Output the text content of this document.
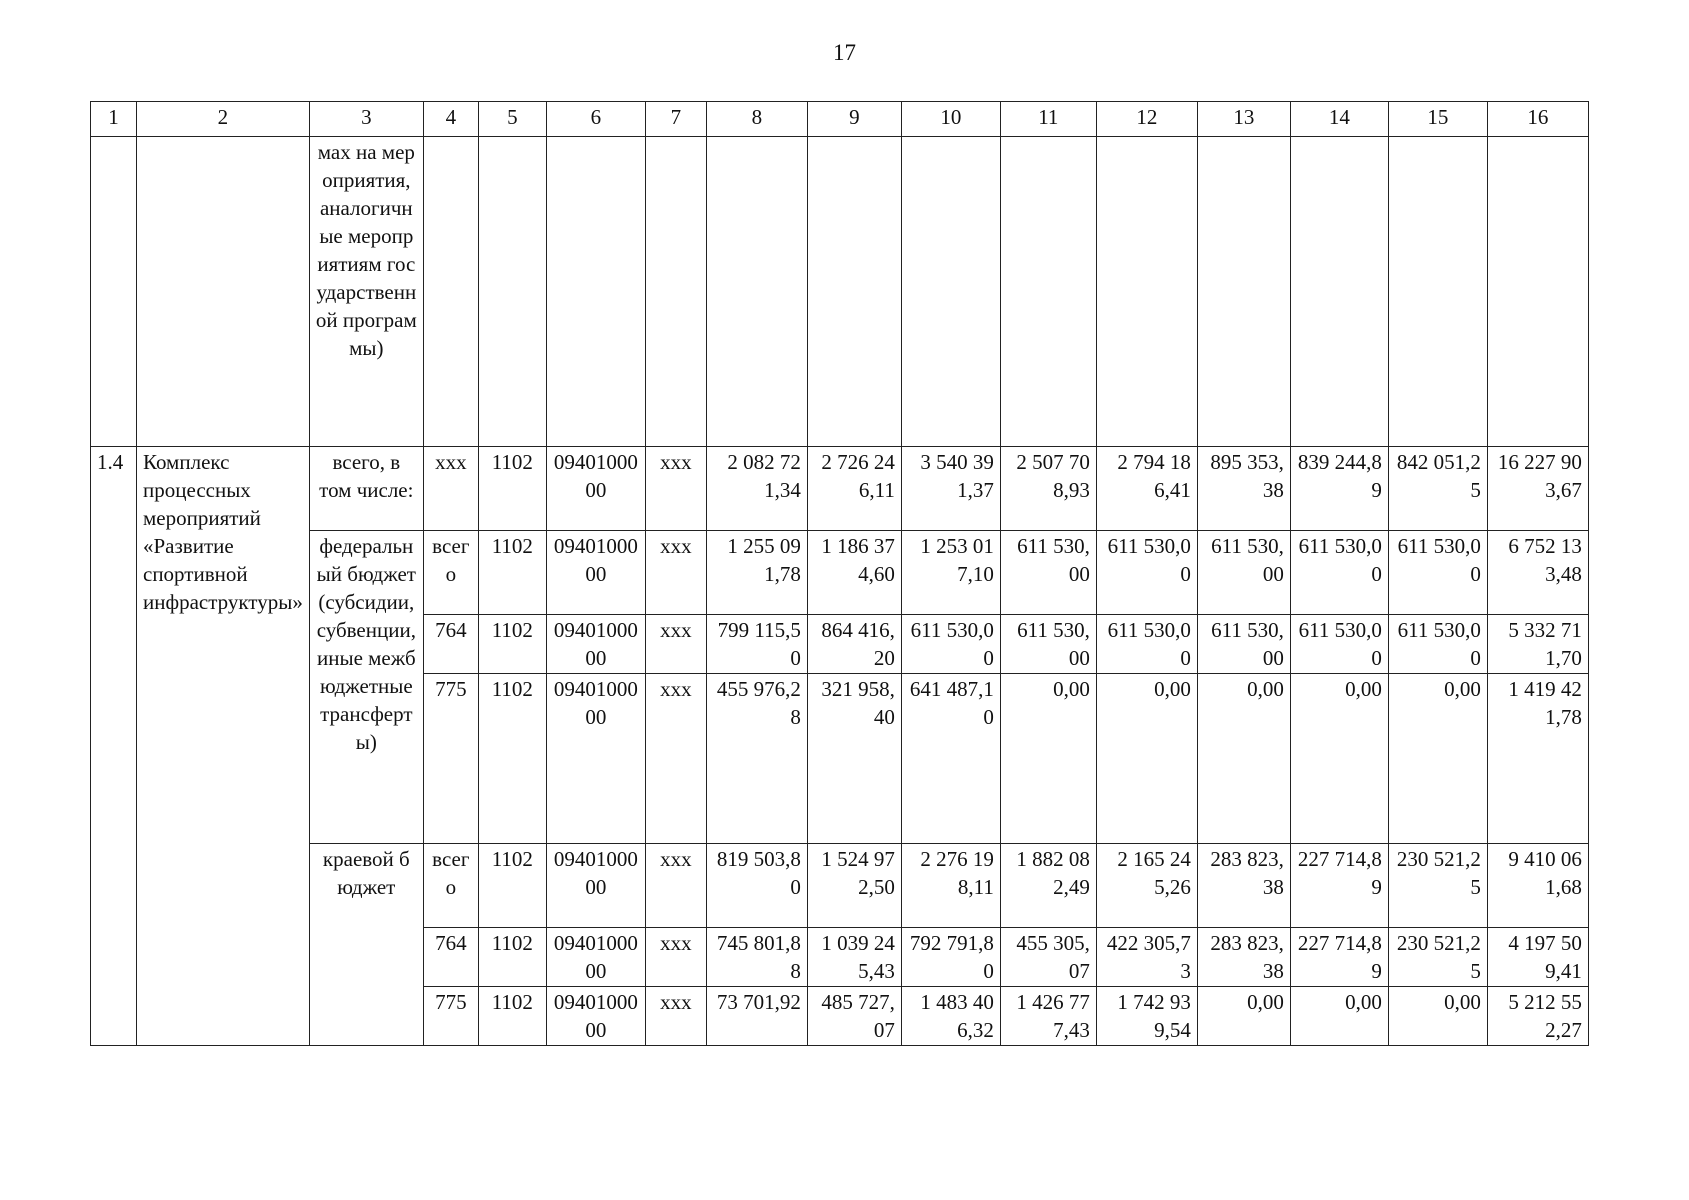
17
1	2	3	4	5	6	7	8	9	10	11	12	13	14	15	16
		мах на мероприятия, аналогичные мероприятиям государственной программы)													
1.4	Комплекс процессных мероприятий «Развитие спортивной инфраструктуры»	всего, в том числе:	ххх	1102	0940100000	ххх	2 082 721,34	2 726 246,11	3 540 391,37	2 507 708,93	2 794 186,41	895 353,38	839 244,89	842 051,25	16 227 903,67
		федеральный бюджет (субсидии, субвенции, иные межбюджетные трансферты)	всего	1102	0940100000	ххх	1 255 091,78	1 186 374,60	1 253 017,10	611 530,00	611 530,00	611 530,00	611 530,00	611 530,00	6 752 133,48
			764	1102	0940100000	ххх	799 115,50	864 416,20	611 530,00	611 530,00	611 530,00	611 530,00	611 530,00	611 530,00	5 332 711,70
			775	1102	0940100000	ххх	455 976,28	321 958,40	641 487,10	0,00	0,00	0,00	0,00	0,00	1 419 421,78
		краевой бюджет	всего	1102	0940100000	ххх	819 503,80	1 524 972,50	2 276 198,11	1 882 082,49	2 165 245,26	283 823,38	227 714,89	230 521,25	9 410 061,68
			764	1102	0940100000	ххх	745 801,88	1 039 245,43	792 791,80	455 305,07	422 305,73	283 823,38	227 714,89	230 521,25	4 197 509,41
			775	1102	0940100000	ххх	73 701,92	485 727,07	1 483 406,32	1 426 777,43	1 742 939,54	0,00	0,00	0,00	5 212 552,27
